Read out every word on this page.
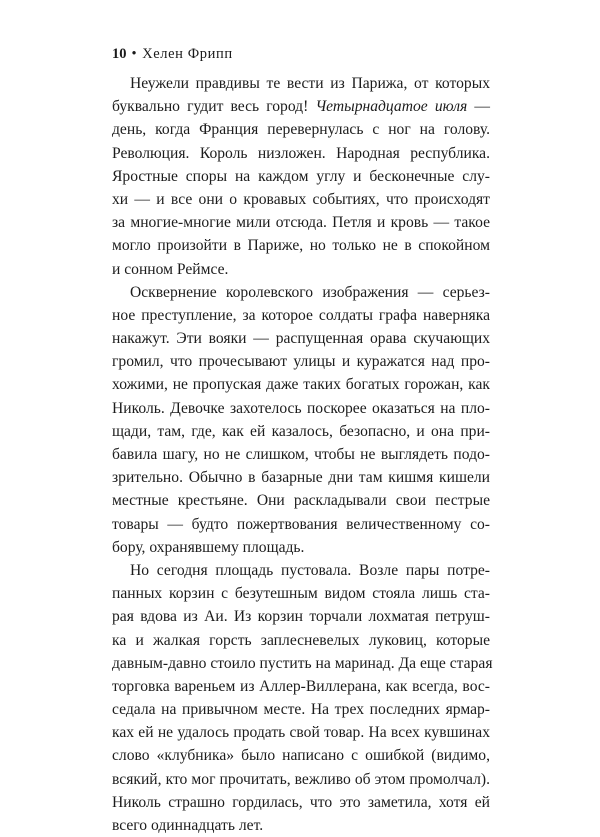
10 • Хелен Фрипп
Неужели правдивы те вести из Парижа, от которых
буквально гудит весь город! Четырнадцатое июля —
день, когда Франция перевернулась с ног на голову.
Революция. Король низложен. Народная республика.
Яростные споры на каждом углу и бесконечные слу-
хи — и все они о кровавых событиях, что происходят
за многие-многие мили отсюда. Петля и кровь — такое
могло произойти в Париже, но только не в спокойном
и сонном Реймсе.
Осквернение королевского изображения — серьез-
ное преступление, за которое солдаты графа наверняка
накажут. Эти вояки — распущенная орава скучающих
громил, что прочесывают улицы и куражатся над про-
хожими, не пропуская даже таких богатых горожан, как
Николь. Девочке захотелось поскорее оказаться на пло-
щади, там, где, как ей казалось, безопасно, и она при-
бавила шагу, но не слишком, чтобы не выглядеть подо-
зрительно. Обычно в базарные дни там кишмя кишели
местные крестьяне. Они раскладывали свои пестрые
товары — будто пожертвования величественному со-
бору, охранявшему площадь.
Но сегодня площадь пустовала. Возле пары потре-
панных корзин с безутешным видом стояла лишь ста-
рая вдова из Аи. Из корзин торчали лохматая петруш-
ка и жалкая горсть заплесневелых луковиц, которые
давным-давно стоило пустить на маринад. Да еще старая
торговка вареньем из Аллер-Виллерана, как всегда, вос-
седала на привычном месте. На трех последних ярмар-
ках ей не удалось продать свой товар. На всех кувшинах
слово «клубника» было написано с ошибкой (видимо,
всякий, кто мог прочитать, вежливо об этом промолчал).
Николь страшно гордилась, что это заметила, хотя ей
всего одиннадцать лет.
